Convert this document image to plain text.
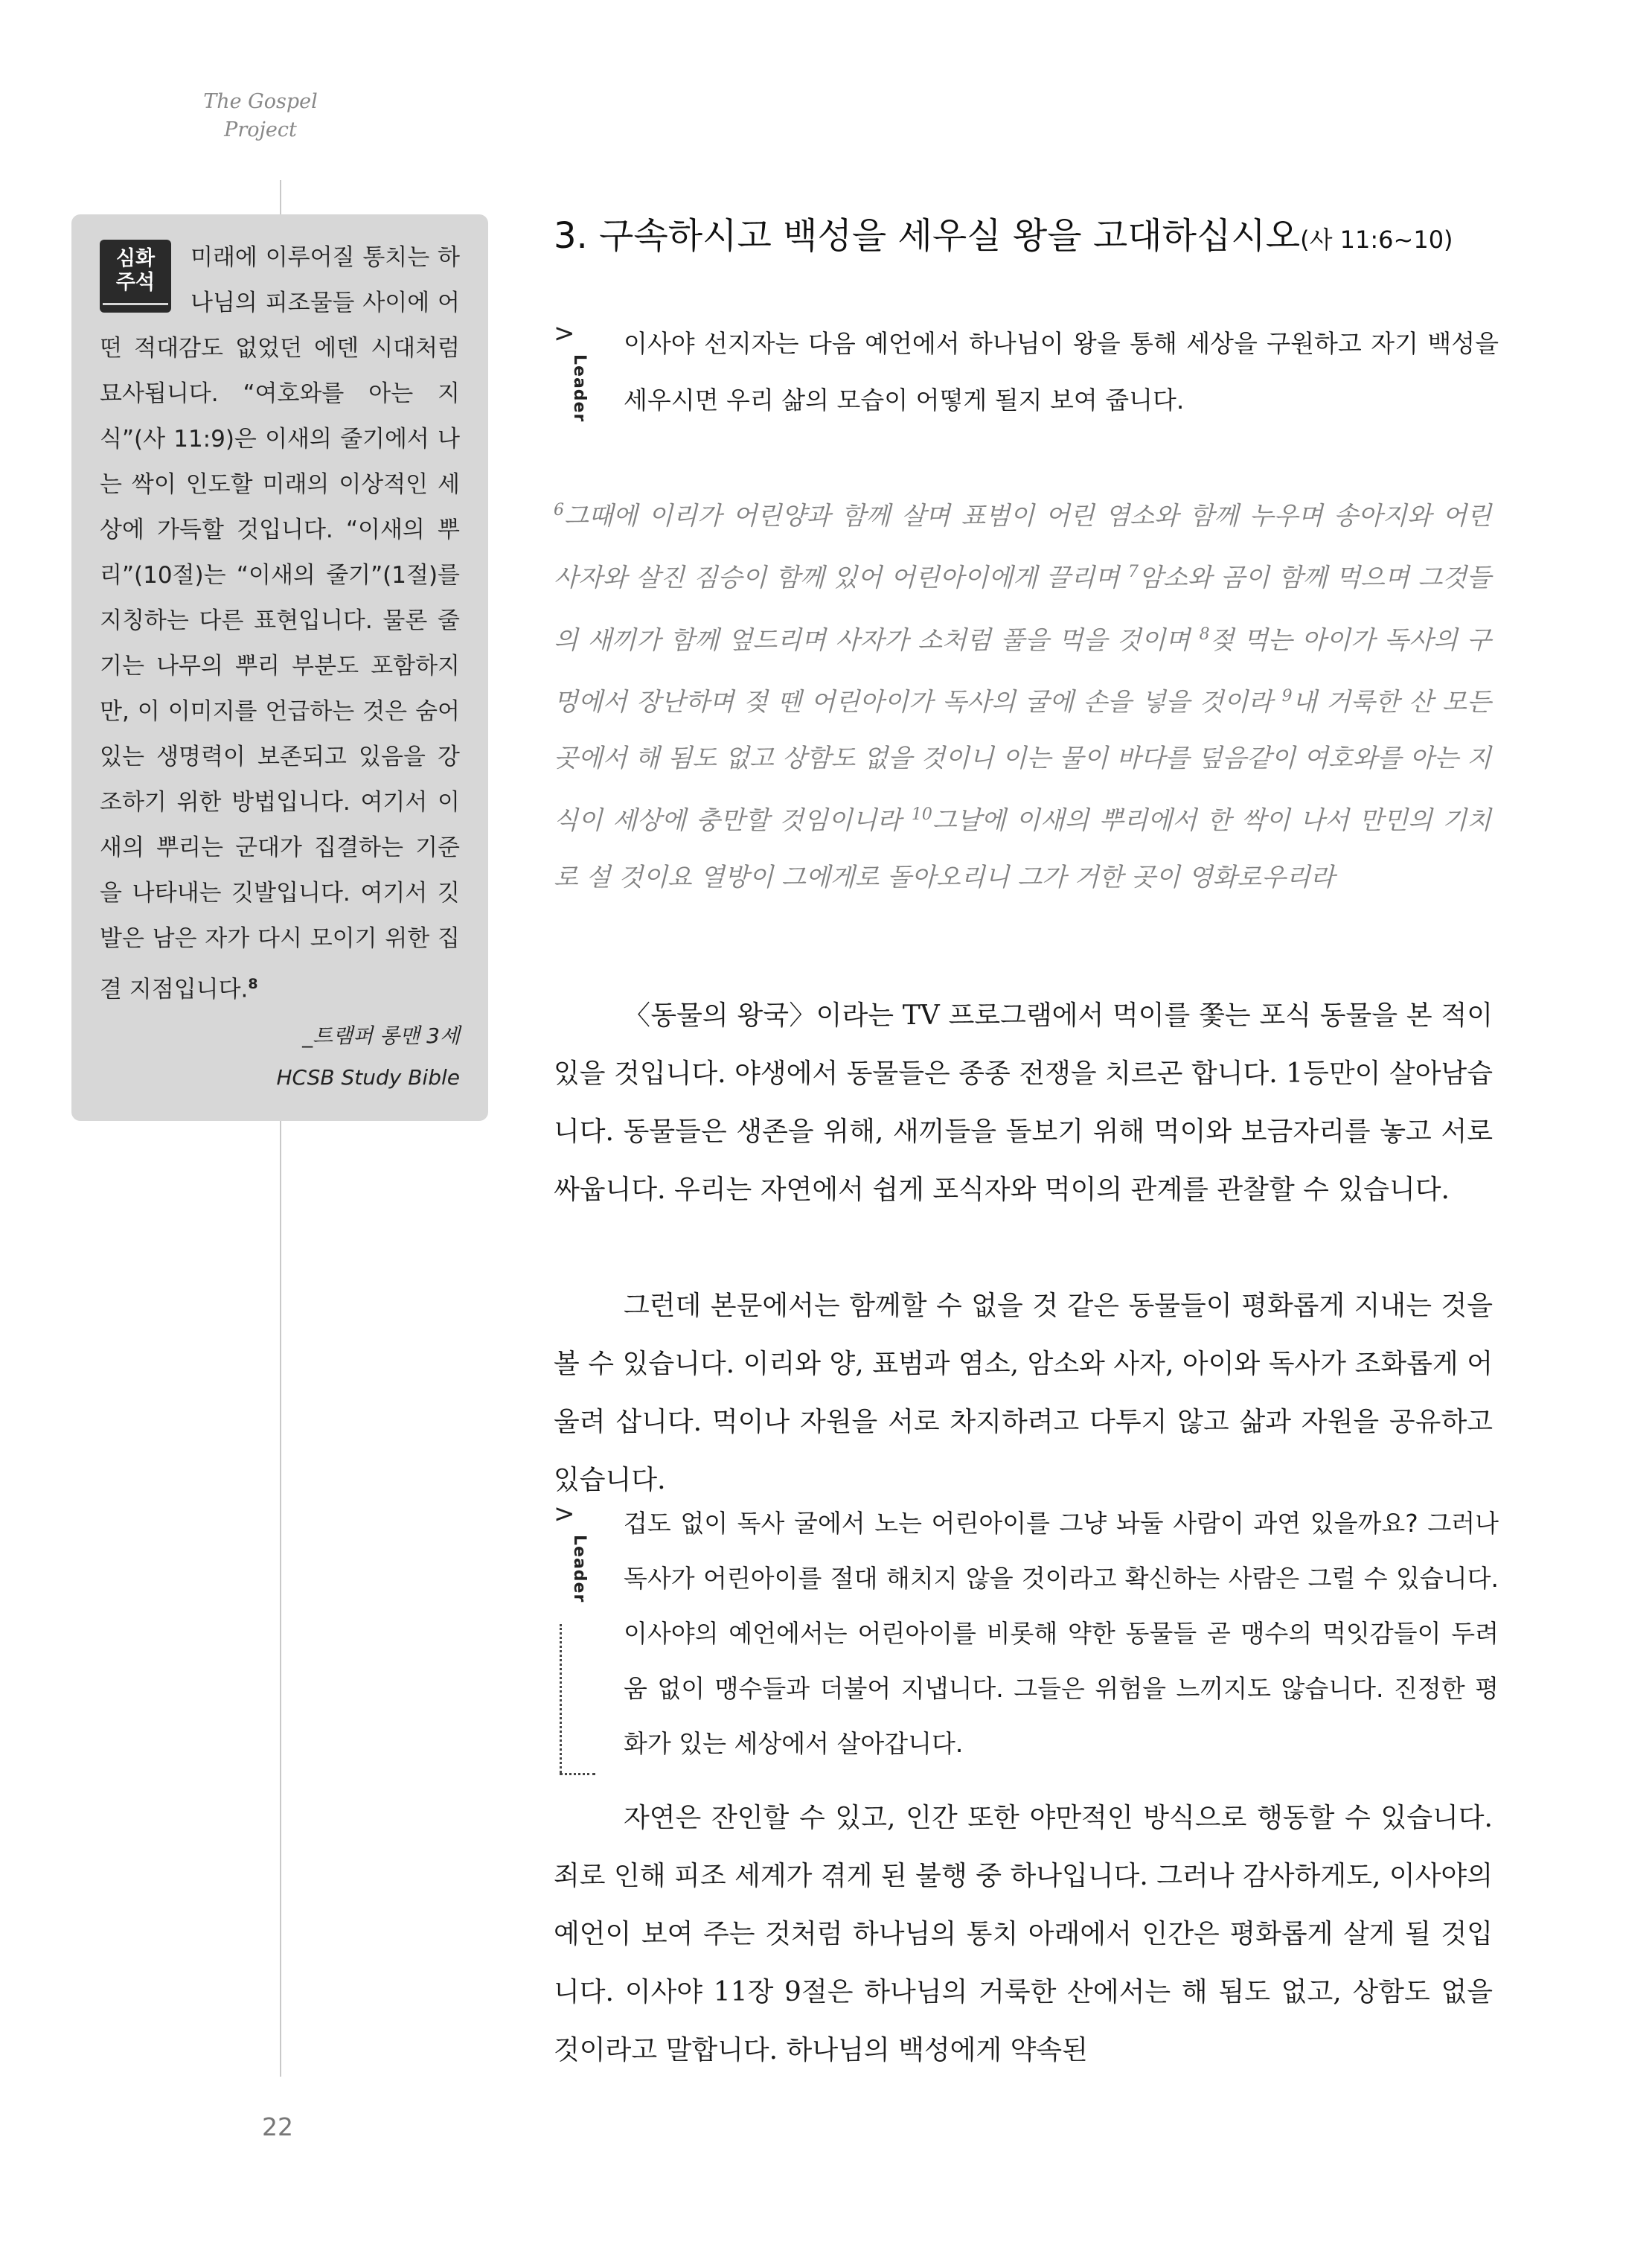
The Gospel
Project
심화
주석

미래에 이루어질 통치는 하나님의 피조물들 사이에 어떤 적대감도 없었던 에덴 시대처럼 묘사됩니다. “여호와를 아는 지식”(사 11:9)은 이새의 줄기에서 나는 싹이 인도할 미래의 이상적인 세상에 가득할 것입니다. “이새의 뿌리”(10절)는 “이새의 줄기”(1절)를 지칭하는 다른 표현입니다. 물론 줄기는 나무의 뿌리 부분도 포함하지만, 이 이미지를 언급하는 것은 숨어 있는 생명력이 보존되고 있음을 강조하기 위한 방법입니다. 여기서 이새의 뿌리는 군대가 집결하는 기준을 나타내는 깃발입니다. 여기서 깃발은 남은 자가 다시 모이기 위한 집결 지점입니다.$^8$

_트램퍼 롱맨 3세
HCSB Study Bible
3. 구속하시고 백성을 세우실 왕을 고대하십시오(사 11:6~10)
>
Leader

이사야 선지자는 다음 예언에서 하나님이 왕을 통해 세상을 구원하고 자기 백성을 세우시면 우리 삶의 모습이 어떻게 될지 보여 줍니다.

$^6$그때에 이리가 어린양과 함께 살며 표범이 어린 염소와 함께 누우며 송아지와 어린 사자와 살진 짐승이 함께 있어 어린아이에게 끌리며 $^7$암소와 곰이 함께 먹으며 그것들의 새끼가 함께 엎드리며 사자가 소처럼 풀을 먹을 것이며 $^8$젖 먹는 아이가 독사의 구멍에서 장난하며 젖 뗀 어린아이가 독사의 굴에 손을 넣을 것이라 $^9$내 거룩한 산 모든 곳에서 해 됨도 없고 상함도 없을 것이니 이는 물이 바다를 덮음같이 여호와를 아는 지식이 세상에 충만할 것임이니라 $^{10}$그날에 이새의 뿌리에서 한 싹이 나서 만민의 기치로 설 것이요 열방이 그에게로 돌아오리니 그가 거한 곳이 영화로우리라

〈동물의 왕국〉이라는 TV 프로그램에서 먹이를 쫓는 포식 동물을 본 적이 있을 것입니다. 야생에서 동물들은 종종 전쟁을 치르곤 합니다. 1등만이 살아남습니다. 동물들은 생존을 위해, 새끼들을 돌보기 위해 먹이와 보금자리를 놓고 서로 싸웁니다. 우리는 자연에서 쉽게 포식자와 먹이의 관계를 관찰할 수 있습니다.

그런데 본문에서는 함께할 수 없을 것 같은 동물들이 평화롭게 지내는 것을 볼 수 있습니다. 이리와 양, 표범과 염소, 암소와 사자, 아이와 독사가 조화롭게 어울려 삽니다. 먹이나 자원을 서로 차지하려고 다투지 않고 삶과 자원을 공유하고 있습니다.

>
Leader

겁도 없이 독사 굴에서 노는 어린아이를 그냥 놔둘 사람이 과연 있을까요? 그러나 독사가 어린아이를 절대 해치지 않을 것이라고 확신하는 사람은 그럴 수 있습니다. 이사야의 예언에서는 어린아이를 비롯해 약한 동물들 곧 맹수의 먹잇감들이 두려움 없이 맹수들과 더불어 지냅니다. 그들은 위험을 느끼지도 않습니다. 진정한 평화가 있는 세상에서 살아갑니다.

자연은 잔인할 수 있고, 인간 또한 야만적인 방식으로 행동할 수 있습니다. 죄로 인해 피조 세계가 겪게 된 불행 중 하나입니다. 그러나 감사하게도, 이사야의 예언이 보여 주는 것처럼 하나님의 통치 아래에서 인간은 평화롭게 살게 될 것입니다. 이사야 11장 9절은 하나님의 거룩한 산에서는 해 됨도 없고, 상함도 없을 것이라고 말합니다. 하나님의 백성에게 약속된

22
